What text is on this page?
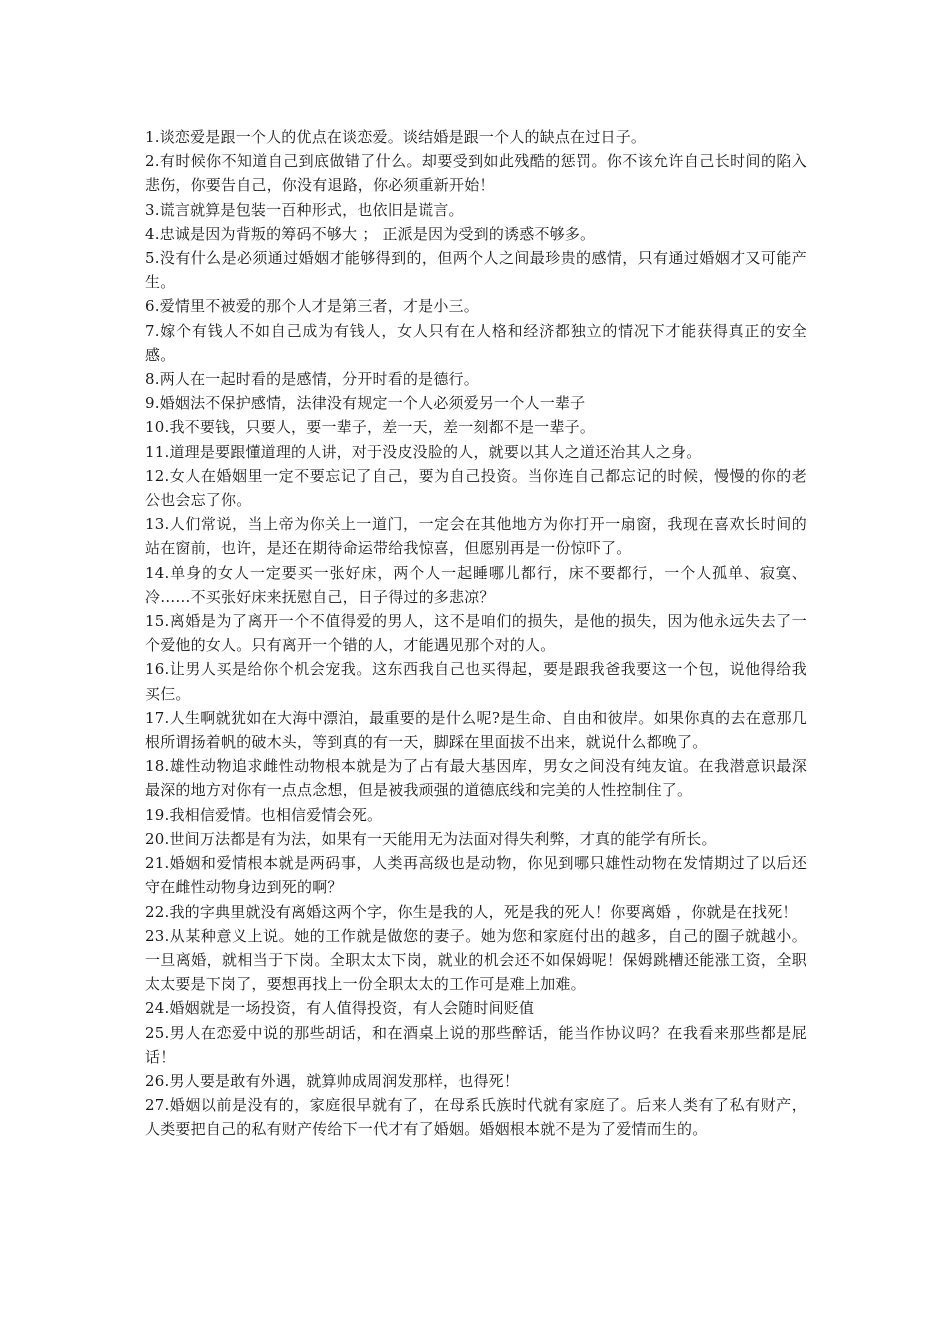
1.谈恋爱是跟一个人的优点在谈恋爱。谈结婚是跟一个人的缺点在过日子。

2.有时候你不知道自己到底做错了什么。却要受到如此残酷的惩罚。你不该允许自己长时间的陷入悲伤，你要告自己，你没有退路，你必须重新开始！

3.谎言就算是包装一百种形式，也依旧是谎言。

4.忠诚是因为背叛的筹码不够大 ； 正派是因为受到的诱惑不够多。

5.没有什么是必须通过婚姻才能够得到的，但两个人之间最珍贵的感情，只有通过婚姻才又可能产生。

6.爱情里不被爱的那个人才是第三者，才是小三。

7.嫁个有钱人不如自己成为有钱人，女人只有在人格和经济都独立的情况下才能获得真正的安全感。

8.两人在一起时看的是感情，分开时看的是德行。

9.婚姻法不保护感情，法律没有规定一个人必须爱另一个人一辈子

10.我不要钱，只要人，要一辈子，差一天，差一刻都不是一辈子。

11.道理是要跟懂道理的人讲，对于没皮没脸的人，就要以其人之道还治其人之身。

12.女人在婚姻里一定不要忘记了自己，要为自己投资。当你连自己都忘记的时候，慢慢的你的老公也会忘了你。

13.人们常说，当上帝为你关上一道门，一定会在其他地方为你打开一扇窗，我现在喜欢长时间的站在窗前，也许，是还在期待命运带给我惊喜，但愿别再是一份惊吓了。

14.单身的女人一定要买一张好床，两个人一起睡哪儿都行，床不要都行，一个人孤单、寂寞、冷……不买张好床来抚慰自己，日子得过的多悲凉？

15.离婚是为了离开一个不值得爱的男人，这不是咱们的损失，是他的损失，因为他永远失去了一个爱他的女人。只有离开一个错的人，才能遇见那个对的人。

16.让男人买是给你个机会宠我。这东西我自己也买得起，要是跟我爸我要这一个包，说他得给我买仨。

17.人生啊就犹如在大海中漂泊，最重要的是什么呢?是生命、自由和彼岸。如果你真的去在意那几根所谓扬着帆的破木头，等到真的有一天，脚踩在里面拔不出来，就说什么都晚了。

18.雄性动物追求雌性动物根本就是为了占有最大基因库，男女之间没有纯友谊。在我潜意识最深最深的地方对你有一点点念想，但是被我顽强的道德底线和完美的人性控制住了。

19.我相信爱情。也相信爱情会死。

20.世间万法都是有为法，如果有一天能用无为法面对得失利弊，才真的能学有所长。

21.婚姻和爱情根本就是两码事，人类再高级也是动物，你见到哪只雄性动物在发情期过了以后还守在雌性动物身边到死的啊？

22.我的字典里就没有离婚这两个字，你生是我的人，死是我的死人！你要离婚 ，你就是在找死！

23.从某种意义上说。她的工作就是做您的妻子。她为您和家庭付出的越多，自己的圈子就越小。一旦离婚，就相当于下岗。全职太太下岗，就业的机会还不如保姆呢！保姆跳槽还能涨工资，全职太太要是下岗了，要想再找上一份全职太太的工作可是难上加难。

24.婚姻就是一场投资，有人值得投资，有人会随时间贬值

25.男人在恋爱中说的那些胡话，和在酒桌上说的那些醉话，能当作协议吗？在我看来那些都是屁话！

26.男人要是敢有外遇，就算帅成周润发那样，也得死！

27.婚姻以前是没有的，家庭很早就有了，在母系氏族时代就有家庭了。后来人类有了私有财产，人类要把自己的私有财产传给下一代才有了婚姻。婚姻根本就不是为了爱情而生的。
